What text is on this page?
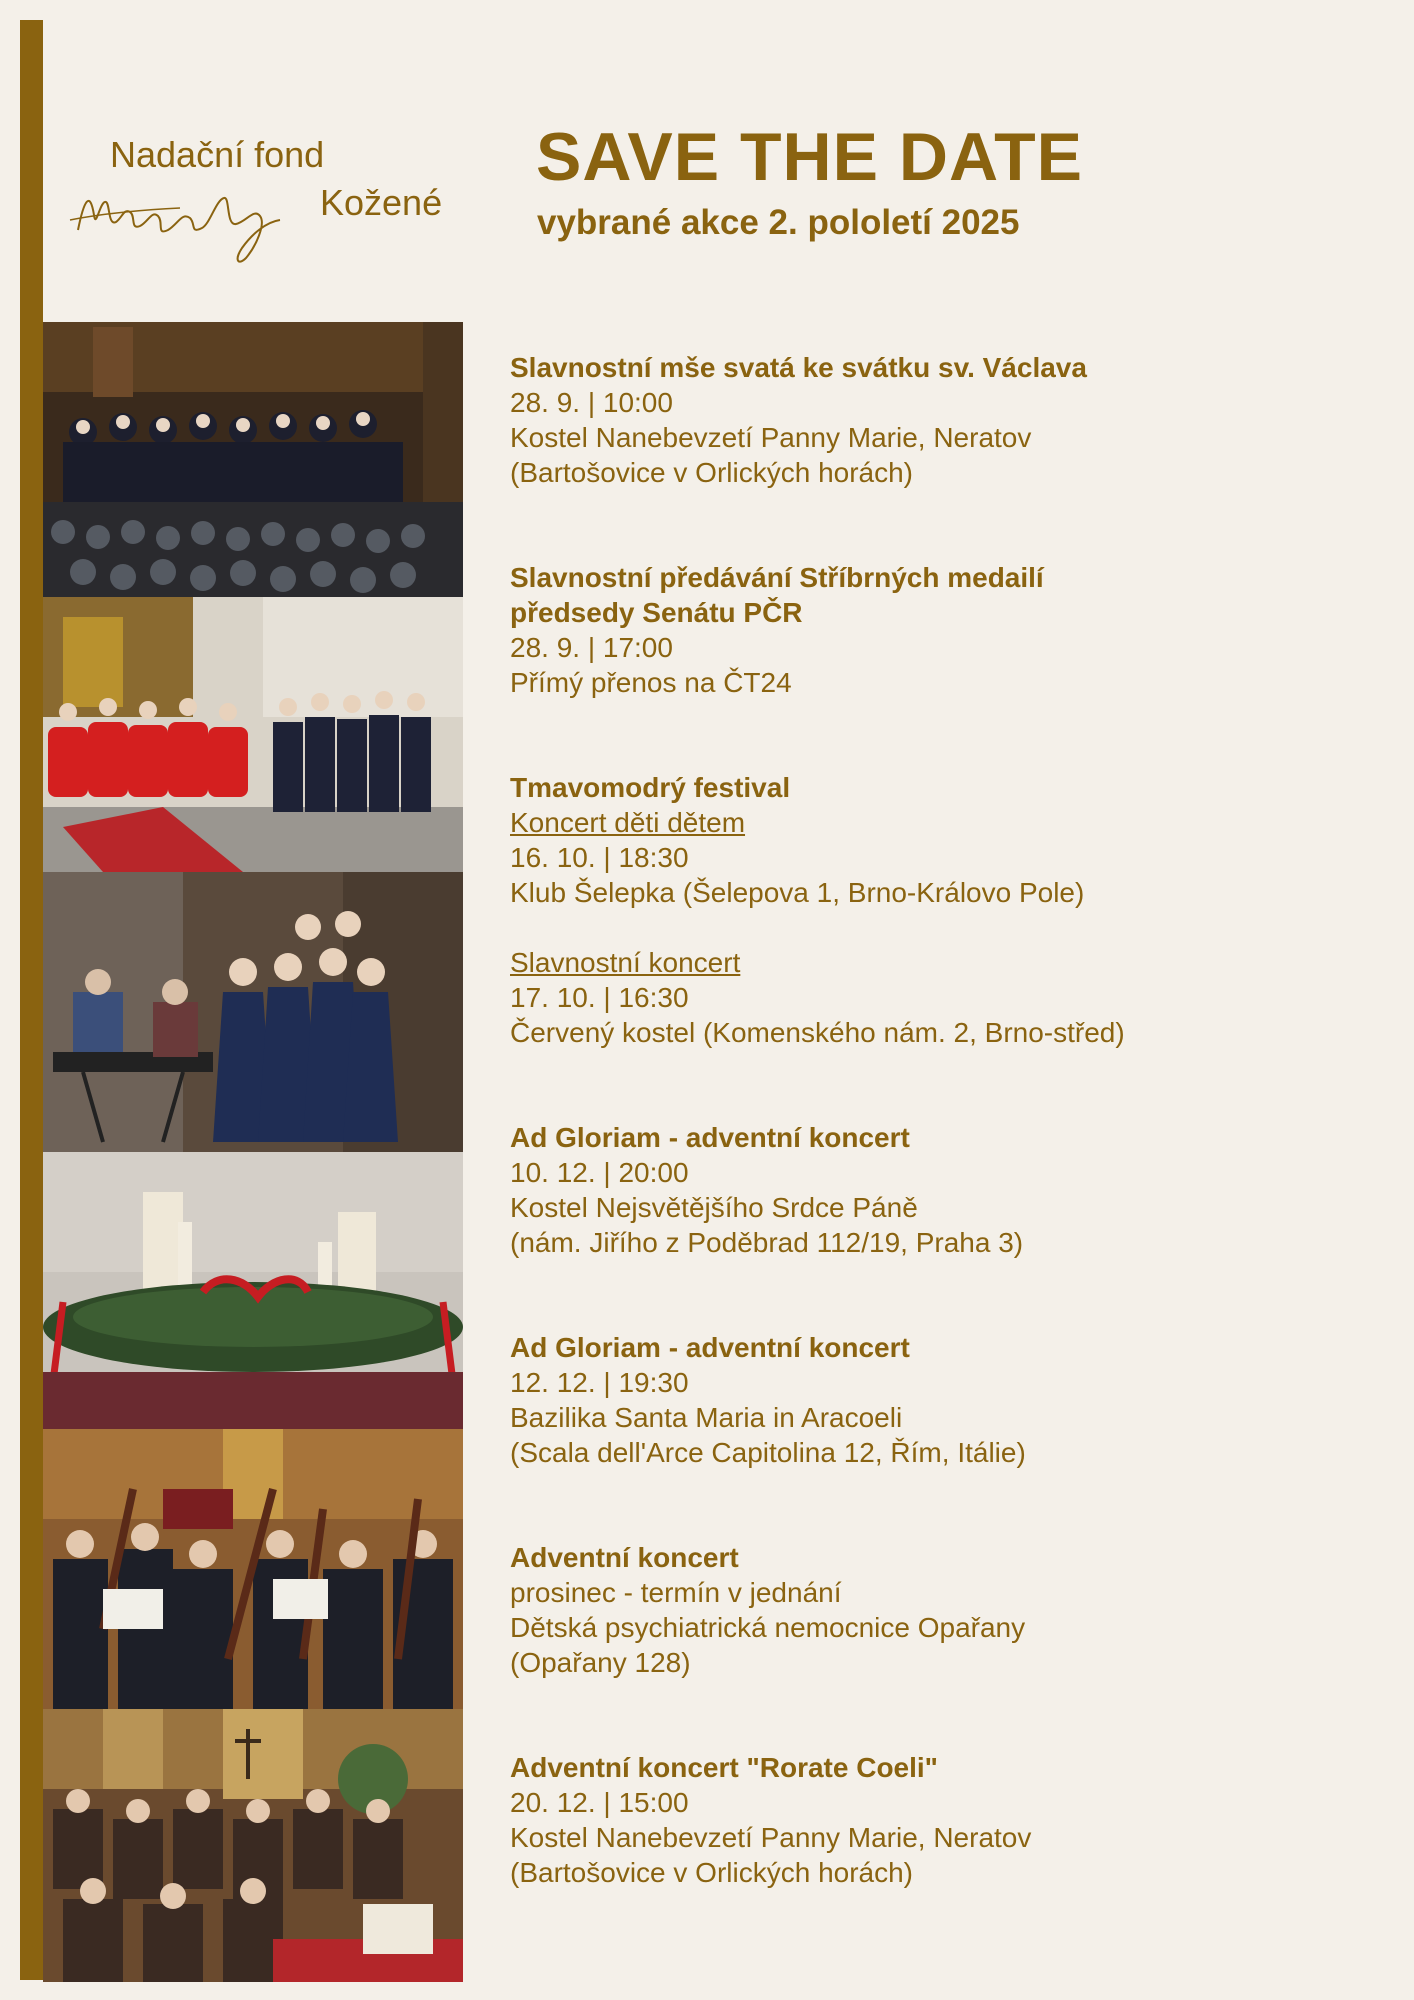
Nadační fond
Kožené
SAVE THE DATE
vybrané akce 2. pololetí 2025
Slavnostní mše svatá ke svátku sv. Václava
28. 9. | 10:00
Kostel Nanebevzetí Panny Marie, Neratov
(Bartošovice v Orlických horách)
Slavnostní předávání Stříbrných medailí
předsedy Senátu PČR
28. 9. | 17:00
Přímý přenos na ČT24
Tmavomodrý festival
Koncert děti dětem
16. 10. | 18:30
Klub Šelepka (Šelepova 1, Brno-Královo Pole)

Slavnostní koncert
17. 10. | 16:30
Červený kostel (Komenského nám. 2, Brno-střed)
Ad Gloriam - adventní koncert
10. 12. | 20:00
Kostel Nejsvětějšího Srdce Páně
(nám. Jiřího z Poděbrad 112/19, Praha 3)
Ad Gloriam - adventní koncert
12. 12. | 19:30
Bazilika Santa Maria in Aracoeli
(Scala dell'Arce Capitolina 12, Řím, Itálie)
Adventní koncert
prosinec - termín v jednání
Dětská psychiatrická nemocnice Opařany
(Opařany 128)
Adventní koncert "Rorate Coeli"
20. 12. | 15:00
Kostel Nanebevzetí Panny Marie, Neratov
(Bartošovice v Orlických horách)
